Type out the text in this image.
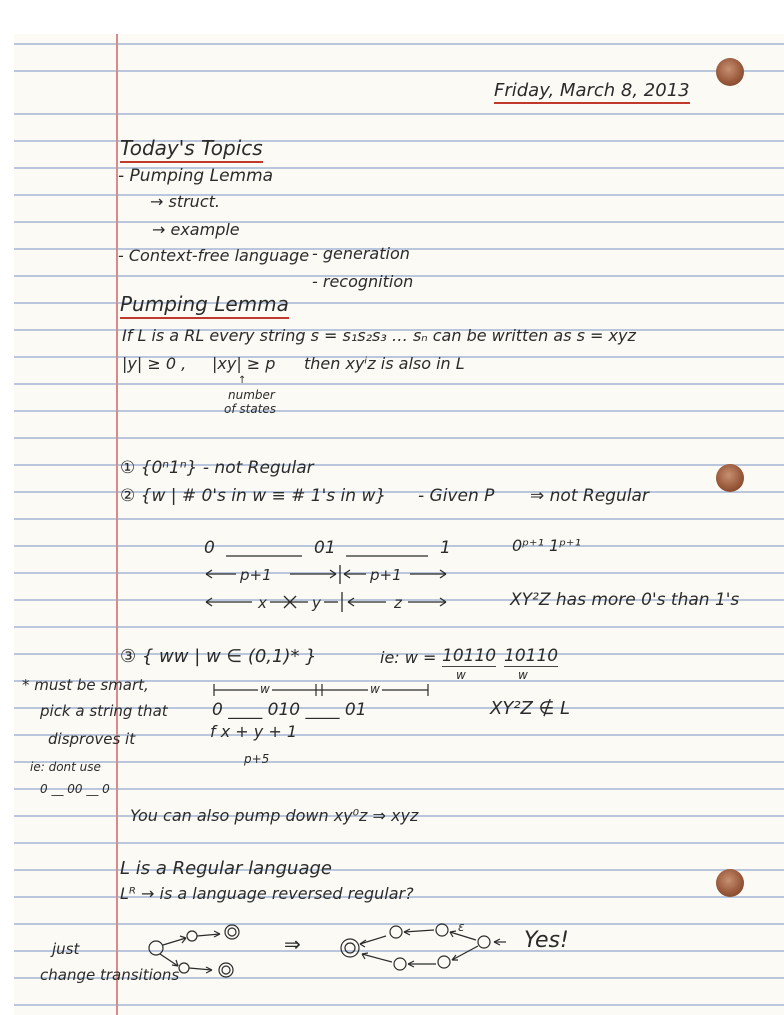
Friday, March 8, 2013
Today's Topics
- Pumping Lemma
→ struct.
→ example
- Context-free language - generation
- recognition
Pumping Lemma
If L is a RL every string s = s₁s₂s₃ … sₙ can be written as s = xyz
|y| ≥ 0 , |xy| ≥ p then xyⁱz is also in L
↑
number
of states
① {0ⁿ1ⁿ} - not Regular
② {w | # 0's in w ≡ # 1's in w} - Given P ⇒ not Regular
0	01	1	0ᵖ⁺¹ 1ᵖ⁺¹
p+1	p+1
x	y	z	XY²Z has more 0's than 1's
③ { ww | w ∈ (0,1)* }	ie: w = 10110 10110
w	w
w	w
0 ____ 010 ____ 01	XY²Z ∉ L
f x + y + 1
p+5
* must be smart,
pick a string that
disproves it
ie: dont use
0 __ 00 __ 0
You can also pump down xy⁰z ⇒ xyz
L is a Regular language
Lᴿ → is a language reversed regular?
just
change transitions
ε
⇒	Yes!
